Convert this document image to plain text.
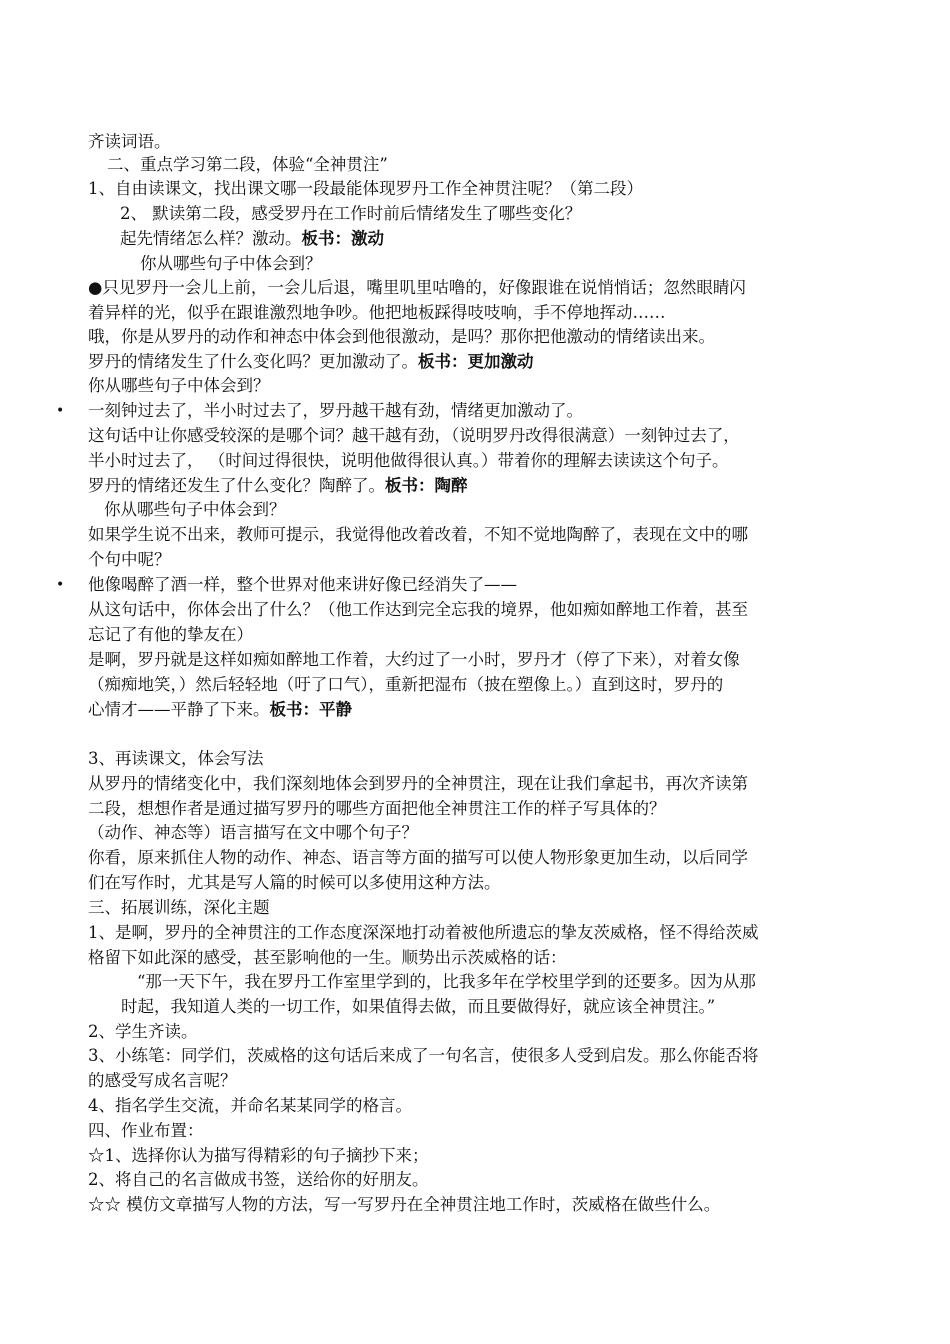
齐读词语。
二、重点学习第二段，体验“全神贯注”
1、自由读课文，找出课文哪一段最能体现罗丹工作全神贯注呢？（第二段）
2、 默读第二段，感受罗丹在工作时前后情绪发生了哪些变化？
起先情绪怎么样？激动。板书：激动
你从哪些句子中体会到？
●只见罗丹一会儿上前，一会儿后退，嘴里叽里咕噜的，好像跟谁在说悄悄话；忽然眼睛闪
着异样的光，似乎在跟谁激烈地争吵。他把地板踩得吱吱响，手不停地挥动……
哦，你是从罗丹的动作和神态中体会到他很激动，是吗？那你把他激动的情绪读出来。
罗丹的情绪发生了什么变化吗？更加激动了。板书：更加激动
你从哪些句子中体会到？
• 一刻钟过去了，半小时过去了，罗丹越干越有劲，情绪更加激动了。
这句话中让你感受较深的是哪个词？越干越有劲，（说明罗丹改得很满意）一刻钟过去了，
半小时过去了， （时间过得很快，说明他做得很认真。）带着你的理解去读读这个句子。
罗丹的情绪还发生了什么变化？陶醉了。板书：陶醉
你从哪些句子中体会到？
如果学生说不出来，教师可提示，我觉得他改着改着，不知不觉地陶醉了，表现在文中的哪
个句中呢？
• 他像喝醉了酒一样，整个世界对他来讲好像已经消失了——
从这句话中，你体会出了什么？（他工作达到完全忘我的境界，他如痴如醉地工作着，甚至
忘记了有他的挚友在）
是啊，罗丹就是这样如痴如醉地工作着，大约过了一小时，罗丹才（停了下来），对着女像
（痴痴地笑，）然后轻轻地（吁了口气），重新把湿布（披在塑像上。）直到这时，罗丹的
心情才——平静了下来。板书：平静
3、再读课文，体会写法
从罗丹的情绪变化中，我们深刻地体会到罗丹的全神贯注，现在让我们拿起书，再次齐读第
二段，想想作者是通过描写罗丹的哪些方面把他全神贯注工作的样子写具体的？
（动作、神态等）语言描写在文中哪个句子？
你看，原来抓住人物的动作、神态、语言等方面的描写可以使人物形象更加生动，以后同学
们在写作时，尤其是写人篇的时候可以多使用这种方法。
三、拓展训练，深化主题
1、是啊，罗丹的全神贯注的工作态度深深地打动着被他所遗忘的挚友茨威格，怪不得给茨威
格留下如此深的感受，甚至影响他的一生。顺势出示茨威格的话：
“那一天下午，我在罗丹工作室里学到的，比我多年在学校里学到的还要多。因为从那
时起，我知道人类的一切工作，如果值得去做，而且要做得好，就应该全神贯注。”
2、学生齐读。
3、小练笔：同学们，茨威格的这句话后来成了一句名言，使很多人受到启发。那么你能否将
的感受写成名言呢？
4、指名学生交流，并命名某某同学的格言。
四、作业布置：
☆1、选择你认为描写得精彩的句子摘抄下来；
2、将自己的名言做成书签，送给你的好朋友。
☆☆ 模仿文章描写人物的方法，写一写罗丹在全神贯注地工作时，茨威格在做些什么。
